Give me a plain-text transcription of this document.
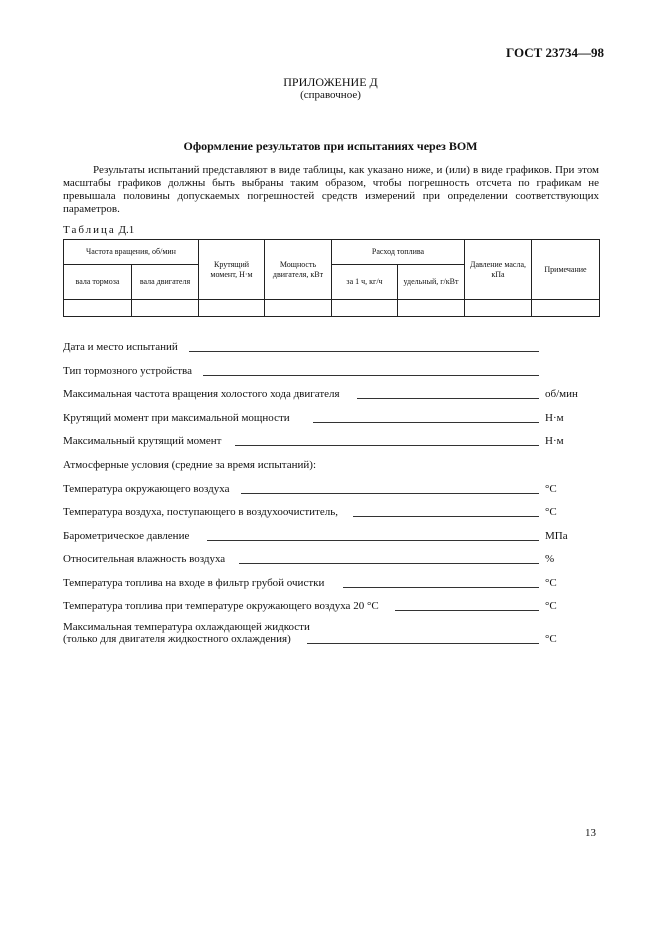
ГОСТ 23734—98
ПРИЛОЖЕНИЕ Д
(справочное)
Оформление результатов при испытаниях через ВОМ
Результаты испытаний представляют в виде таблицы, как указано ниже, и (или) в виде графиков. При этом масштабы графиков должны быть выбраны таким образом, чтобы погрешность отсчета по графикам не превышала половины допускаемых погрешностей средств измерений при определении соответствующих параметров.
Таблица Д.1
Частота вращения, об/мин		Крутящий момент, Н·м	Мощность двигателя, кВт	Расход топлива		Давление масла, кПа	Примечание
вала тормоза	вала двигателя			за 1 ч, кг/ч	удельный, г/кВт		

Дата и место испытаний
Тип тормозного устройства
Максимальная частота вращения холостого хода двигателя	об/мин
Крутящий момент при максимальной мощности	Н·м
Максимальный крутящий момент	Н·м
Атмосферные условия (средние за время испытаний):
Температура окружающего воздуха	°С
Температура воздуха, поступающего в воздухоочиститель,	°С
Барометрическое давление	МПа
Относительная влажность воздуха	%
Температура топлива на входе в фильтр грубой очистки	°С
Температура топлива при температуре окружающего воздуха 20 °С	°С
Максимальная температура охлаждающей жидкости
(только для двигателя жидкостного охлаждения)	°С
13
